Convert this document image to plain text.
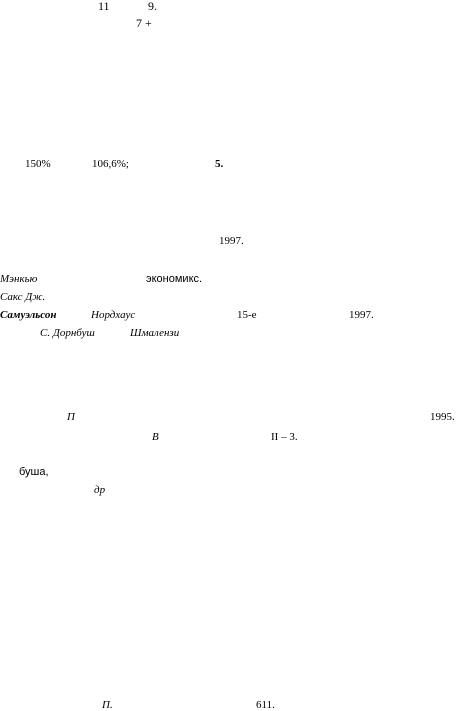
11	9.
7 +
150%	106,6%;	5.
1997.
Мэнкью	экономикс.
Сакс Дж.
Самуэльсон	Нордхаус	15-е	1997.
С. Дорнбуш	Шмалензи
П	1995.
В	II – 3.
буша,
др
П.	611.
